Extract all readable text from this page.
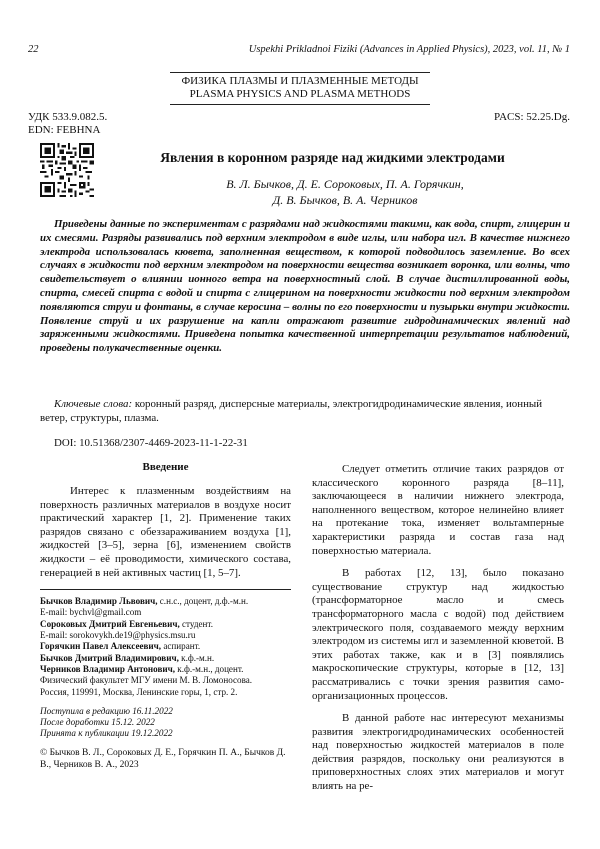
22	Uspekhi Prikladnoi Fiziki (Advances in Applied Physics), 2023, vol. 11, № 1
ФИЗИКА ПЛАЗМЫ И ПЛАЗМЕННЫЕ МЕТОДЫ
PLASMA PHYSICS AND PLASMA METHODS
УДК 533.9.082.5.
EDN: FEBHNA
PACS: 52.25.Dg.
Явления в коронном разряде над жидкими электродами
В. Л. Бычков, Д. Е. Сороковых, П. А. Горячкин,
Д. В. Бычков, В. А. Черников
Приведены данные по экспериментам с разрядами над жидкостями такими, как вода, спирт, глицерин и их смесями. Разряды развивались под верхним электродом в виде иглы, или набора игл. В качестве нижнего электрода использовалась кювета, заполненная веществом, к которой подводилось заземление. Во всех случаях в жидкости под верхним электродом на поверхности вещества возникает воронка, или волны, что свидетельствует о влиянии ионного ветра на поверхностный слой. В случае дистиллированной воды, спирта, смесей спирта с водой и спирта с глицерином на поверхности жидкости под верхним электродом появляются струи и фонтаны, в случае керосина – волны по его поверхности и пузырьки внутри жидкости. Появление струй и их разрушение на капли отражают развитие гидродинамических явлений над заряженными жидкостями. Приведена попытка качественной интерпретации результатов наблюдений, проведены полукачественные оценки.
Ключевые слова: коронный разряд, дисперсные материалы, электрогидродинамические явления, ионный ветер, структуры, плазма.
DOI: 10.51368/2307-4469-2023-11-1-22-31
Введение

Интерес к плазменным воздействиям на поверхность различных материалов в воздухе носит практический характер [1, 2]. Применение таких разрядов связано с обеззараживанием воздуха [1], жидкостей [3–5], зерна [6], изменением свойств жидкости – её проводимости, химического состава, генерацией в ней активных частиц [1, 5–7].

Бычков Владимир Львович, с.н.с., доцент, д.ф.-м.н.
E-mail: bychvl@gmail.com
Сороковых Дмитрий Евгеньевич, студент.
E-mail: sorokovykh.de19@physics.msu.ru
Горячкин Павел Алексеевич, аспирант.
Бычков Дмитрий Владимирович, к.ф.-м.н.
Черников Владимир Антонович, к.ф.-м.н., доцент.
Физический факультет МГУ имени М. В. Ломоносова.
Россия, 119991, Москва, Ленинские горы, 1, стр. 2.
Поступила в редакцию 16.11.2022
После доработки 15.12. 2022
Принята к публикации 19.12.2022
© Бычков В. Л., Сороковых Д. Е., Горячкин П. А., Бычков Д. В., Черников В. А., 2023

Следует отметить отличие таких разрядов от классического коронного разряда [8–11], заключающееся в наличии нижнего электрода, наполненного веществом, которое нелинейно влияет на протекание тока, изменяет вольтамперные характеристики разряда и состав газа над поверхностью материала.

В работах [12, 13], было показано существование структур над жидкостью (трансформаторное масло и смесь трансформаторного масла с водой) под действием электрического поля, создаваемого между верхним электродом из системы игл и заземленной кюветой. В этих работах также, как и в [3] появлялись макроскопические структуры, которые в [12, 13] рассматривались с точки зрения развития само-организационных процессов.

В данной работе нас интересуют механизмы развития электрогидродинамических особенностей над поверхностью жидкостей материалов в поле действия разрядов, поскольку они реализуются в приповерхностных слоях этих материалов и могут влиять на ре-
